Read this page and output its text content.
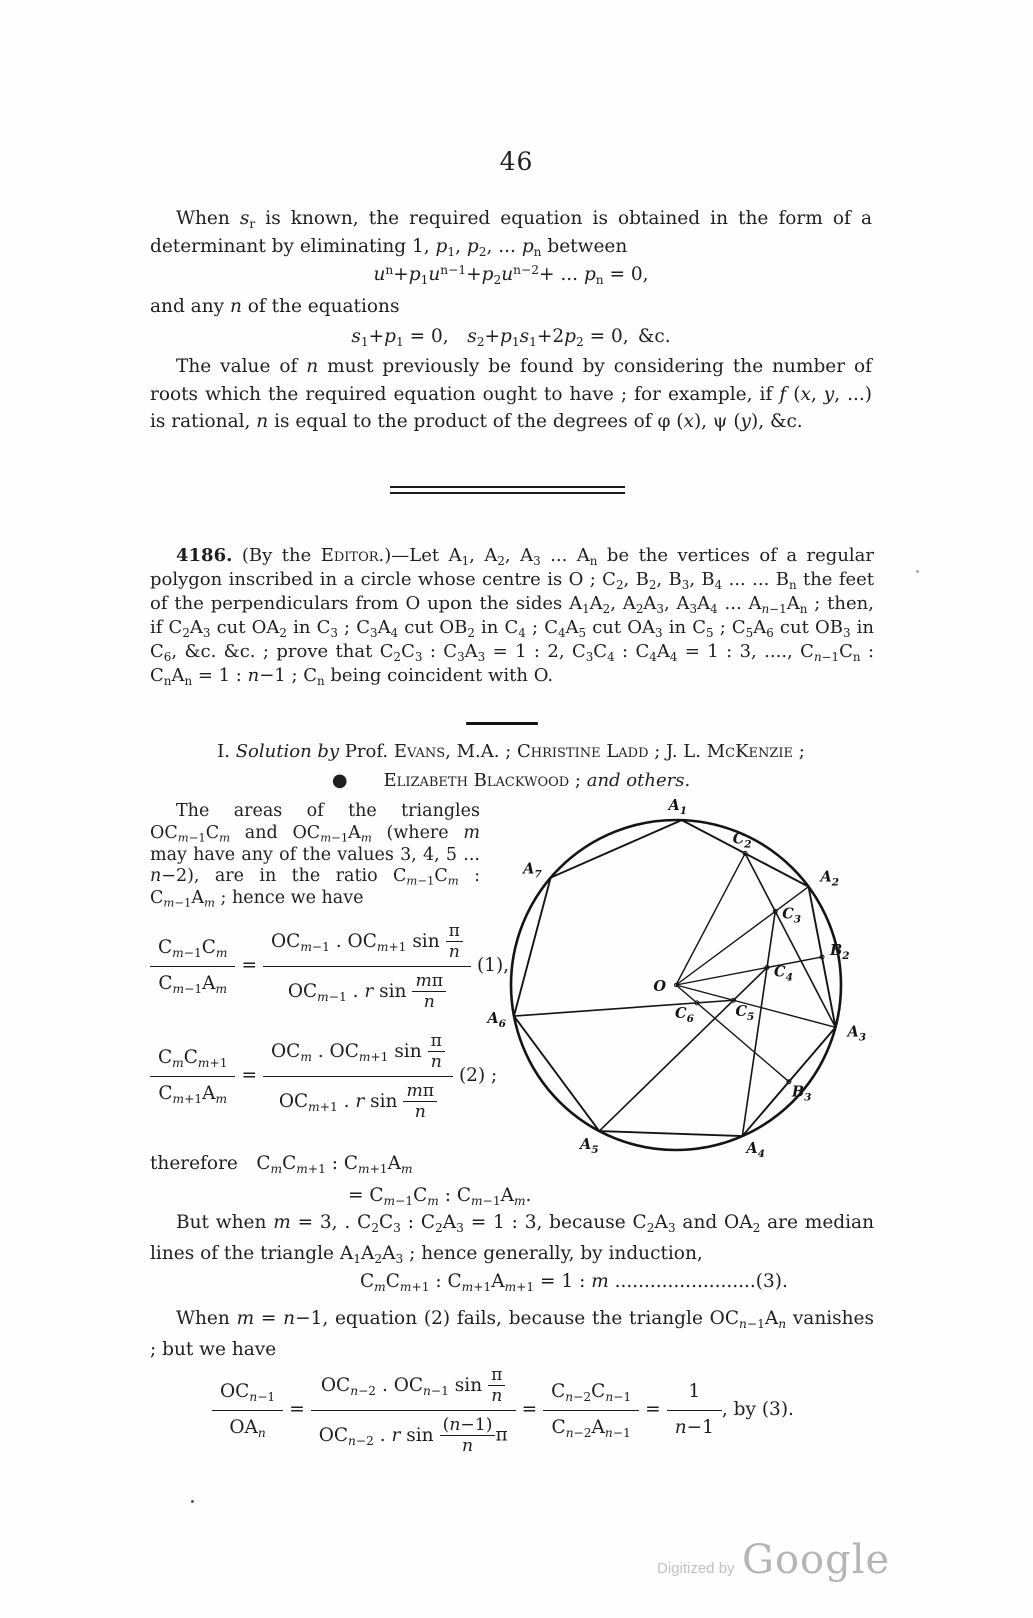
46
When $s_r$ is known, the required equation is obtained in the form of a determinant by eliminating 1, $p_1$, $p_2$, ... $p_n$ between
$u^n+p_1u^{n-1}+p_2u^{n-2}+$ ... $p_n = 0$,
and any n of the equations
$s_1+p_1 = 0$, $s_2+p_1s_1+2p_2 = 0$, &c.
The value of n must previously be found by considering the number of roots which the required equation ought to have ; for example, if f (x, y, ...) is rational, n is equal to the product of the degrees of φ (x), ψ (y), &c.

4186. (By the Editor.)—Let $A_1$, $A_2$, $A_3$ ... $A_n$ be the vertices of a regular polygon inscribed in a circle whose centre is O ; $C_2$, $B_2$, $B_3$, $B_4$ ... ... $B_n$ the feet of the perpendiculars from O upon the sides $A_1A_2$, $A_2A_3$, $A_3A_4$ ... $A_{n-1}A_n$ ; then, if $C_2A_3$ cut $OA_2$ in $C_3$ ; $C_3A_4$ cut $OB_2$ in $C_4$ ; $C_4A_5$ cut $OA_3$ in $C_5$ ; $C_5A_6$ cut $OB_3$ in $C_6$, &c. &c. ; prove that $C_2C_3$ : $C_3A_3 = 1$ : 2, $C_3C_4$ : $C_4A_4 = 1$ : 3, ...., $C_{n-1}C_n$ : $C_nA_n = 1$ : n−1 ; $C_n$ being coincident with O.

I. Solution by Prof. Evans, M.A. ; Christine Ladd ; J. L. McKenzie ;
●  Elizabeth Blackwood ; and others.
The areas of the triangles $OC_{m-1}C_m$ and $OC_{m-1}A_m$ (where m may have any of the values 3, 4, 5 ... n−2), are in the ratio $C_{m-1}C_m$ : $C_{m-1}A_m$ ; hence we have
$\frac{C_{m-1}C_m}{C_{m-1}A_m} = \frac{OC_{m-1} . OC_{m+1} \sin \frac{\pi}{n}}{OC_{m-1} . r \sin \frac{m\pi}{n}} (1)$,
$\frac{C_mC_{m+1}}{C_{m+1}A_m} = \frac{OC_m . OC_{m+1} \sin \frac{\pi}{n}}{OC_{m+1} . r \sin \frac{m\pi}{n}} (2)$ ;
O
$A_1$
$A_2$
$A_3$
$A_4$
$A_5$
$A_6$
$A_7$
$C_2$
$C_3$
$C_4$
$C_5$
$C_6$
$B_2$
$B_3$
therefore $C_mC_{m+1}$ : $C_{m+1}A_m$
= $C_{m-1}C_m$ : $C_{m-1}A_m$.
But when m = 3, . $C_2C_3$ : $C_2A_3 = 1$ : 3, because $C_2A_3$ and $OA_2$ are median lines of the triangle $A_1A_2A_3$ ; hence generally, by induction,
$C_mC_{m+1}$ : $C_{m+1}A_{m+1} = 1$ : m ........................(3).
When m = n−1, equation (2) fails, because the triangle $OC_{n-1}A_n$ vanishes ; but we have
$\frac{OC_{n-1}}{OA_n} = \frac{OC_{n-2} . OC_{n-1} \sin \frac{\pi}{n}}{OC_{n-2} . r \sin \frac{(n-1)}{n} \pi} = \frac{C_{n-2}C_{n-1}}{C_{n-2}A_{n-1}} = \frac{1}{n-1}$ , by (3).
Digitized by Google
